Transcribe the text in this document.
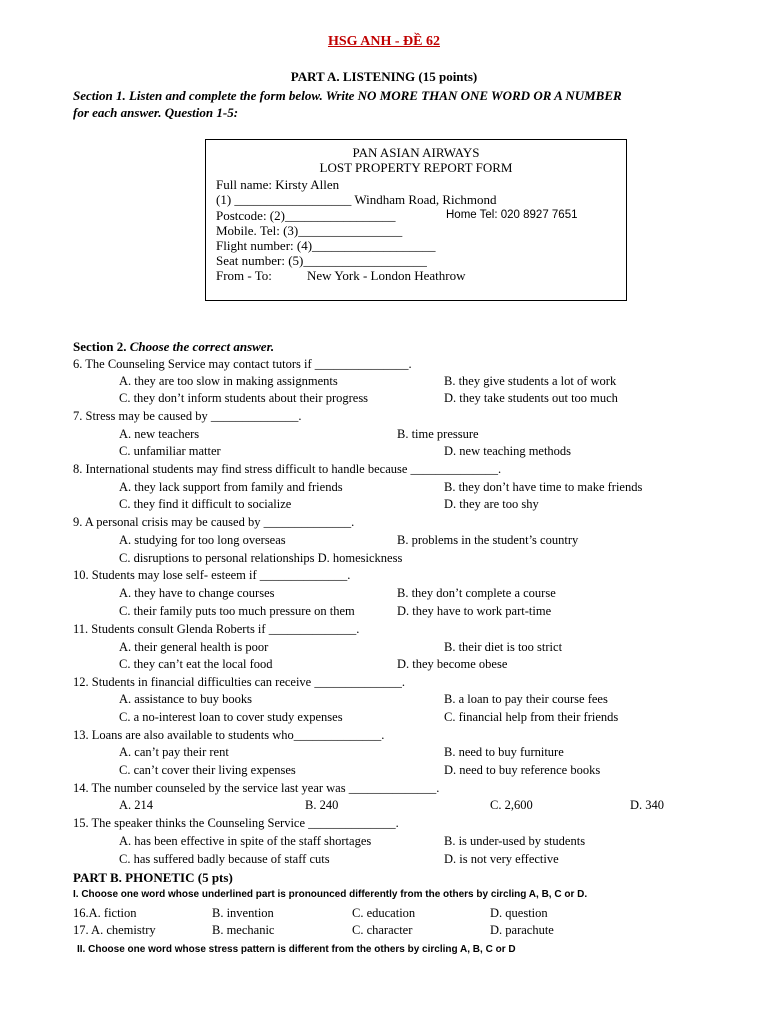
HSG ANH - ĐỀ 62
PART A. LISTENING (15 points)
Section 1. Listen and complete the form below. Write NO MORE THAN ONE WORD OR A NUMBER
for each answer. Question 1-5:
PAN ASIAN AIRWAYS
LOST PROPERTY REPORT FORM
Full name: Kirsty Allen
(1) __________________ Windham Road, Richmond
Postcode: (2)_________________	Home Tel: 020 8927 7651
Mobile. Tel: (3)________________
Flight number: (4)___________________
Seat number: (5)___________________
From - To:	New York - London Heathrow
Section 2. Choose the correct answer.
6. The Counseling Service may contact tutors if _______________.
A. they are too slow in making assignments	B. they give students a lot of work
C. they don’t inform students about their progress	D. they take students out too much
7. Stress may be caused by ______________.
A. new teachers	B. time pressure
C. unfamiliar matter	D. new teaching methods
8. International students may find stress difficult to handle because ______________.
A. they lack support from family and friends	B. they don’t have time to make friends
C. they find it difficult to socialize	D. they are too shy
9. A personal crisis may be caused by ______________.
A. studying for too long overseas	B. problems in the student’s country
C. disruptions to personal relationships D. homesickness
10. Students may lose self- esteem if ______________.
A. they have to change courses	B. they don’t complete a course
C. their family puts too much pressure on them	D. they have to work part-time
11. Students consult Glenda Roberts if ______________.
A. their general health is poor	B. their diet is too strict
C. they can’t eat the local food	D. they become obese
12. Students in financial difficulties can receive ______________.
A. assistance to buy books	B. a loan to pay their course fees
C. a no-interest loan to cover study expenses	C. financial help from their friends
13. Loans are also available to students who______________.
A. can’t pay their rent	B. need to buy furniture
C. can’t cover their living expenses	D. need to buy reference books
14. The number counseled by the service last year was ______________.
A. 214	B. 240	C. 2,600	D. 340
15. The speaker thinks the Counseling Service ______________.
A. has been effective in spite of the staff shortages	B. is under-used by students
C. has suffered badly because of staff cuts	D. is not very effective
PART B. PHONETIC (5 pts)
I. Choose one word whose underlined part is pronounced differently from the others by circling A, B, C or D.
16.A. fiction	B. invention	C. education	D. question
17. A. chemistry	B. mechanic	C. character	D. parachute
II. Choose one word whose stress pattern is different from the others by circling A, B, C or D
